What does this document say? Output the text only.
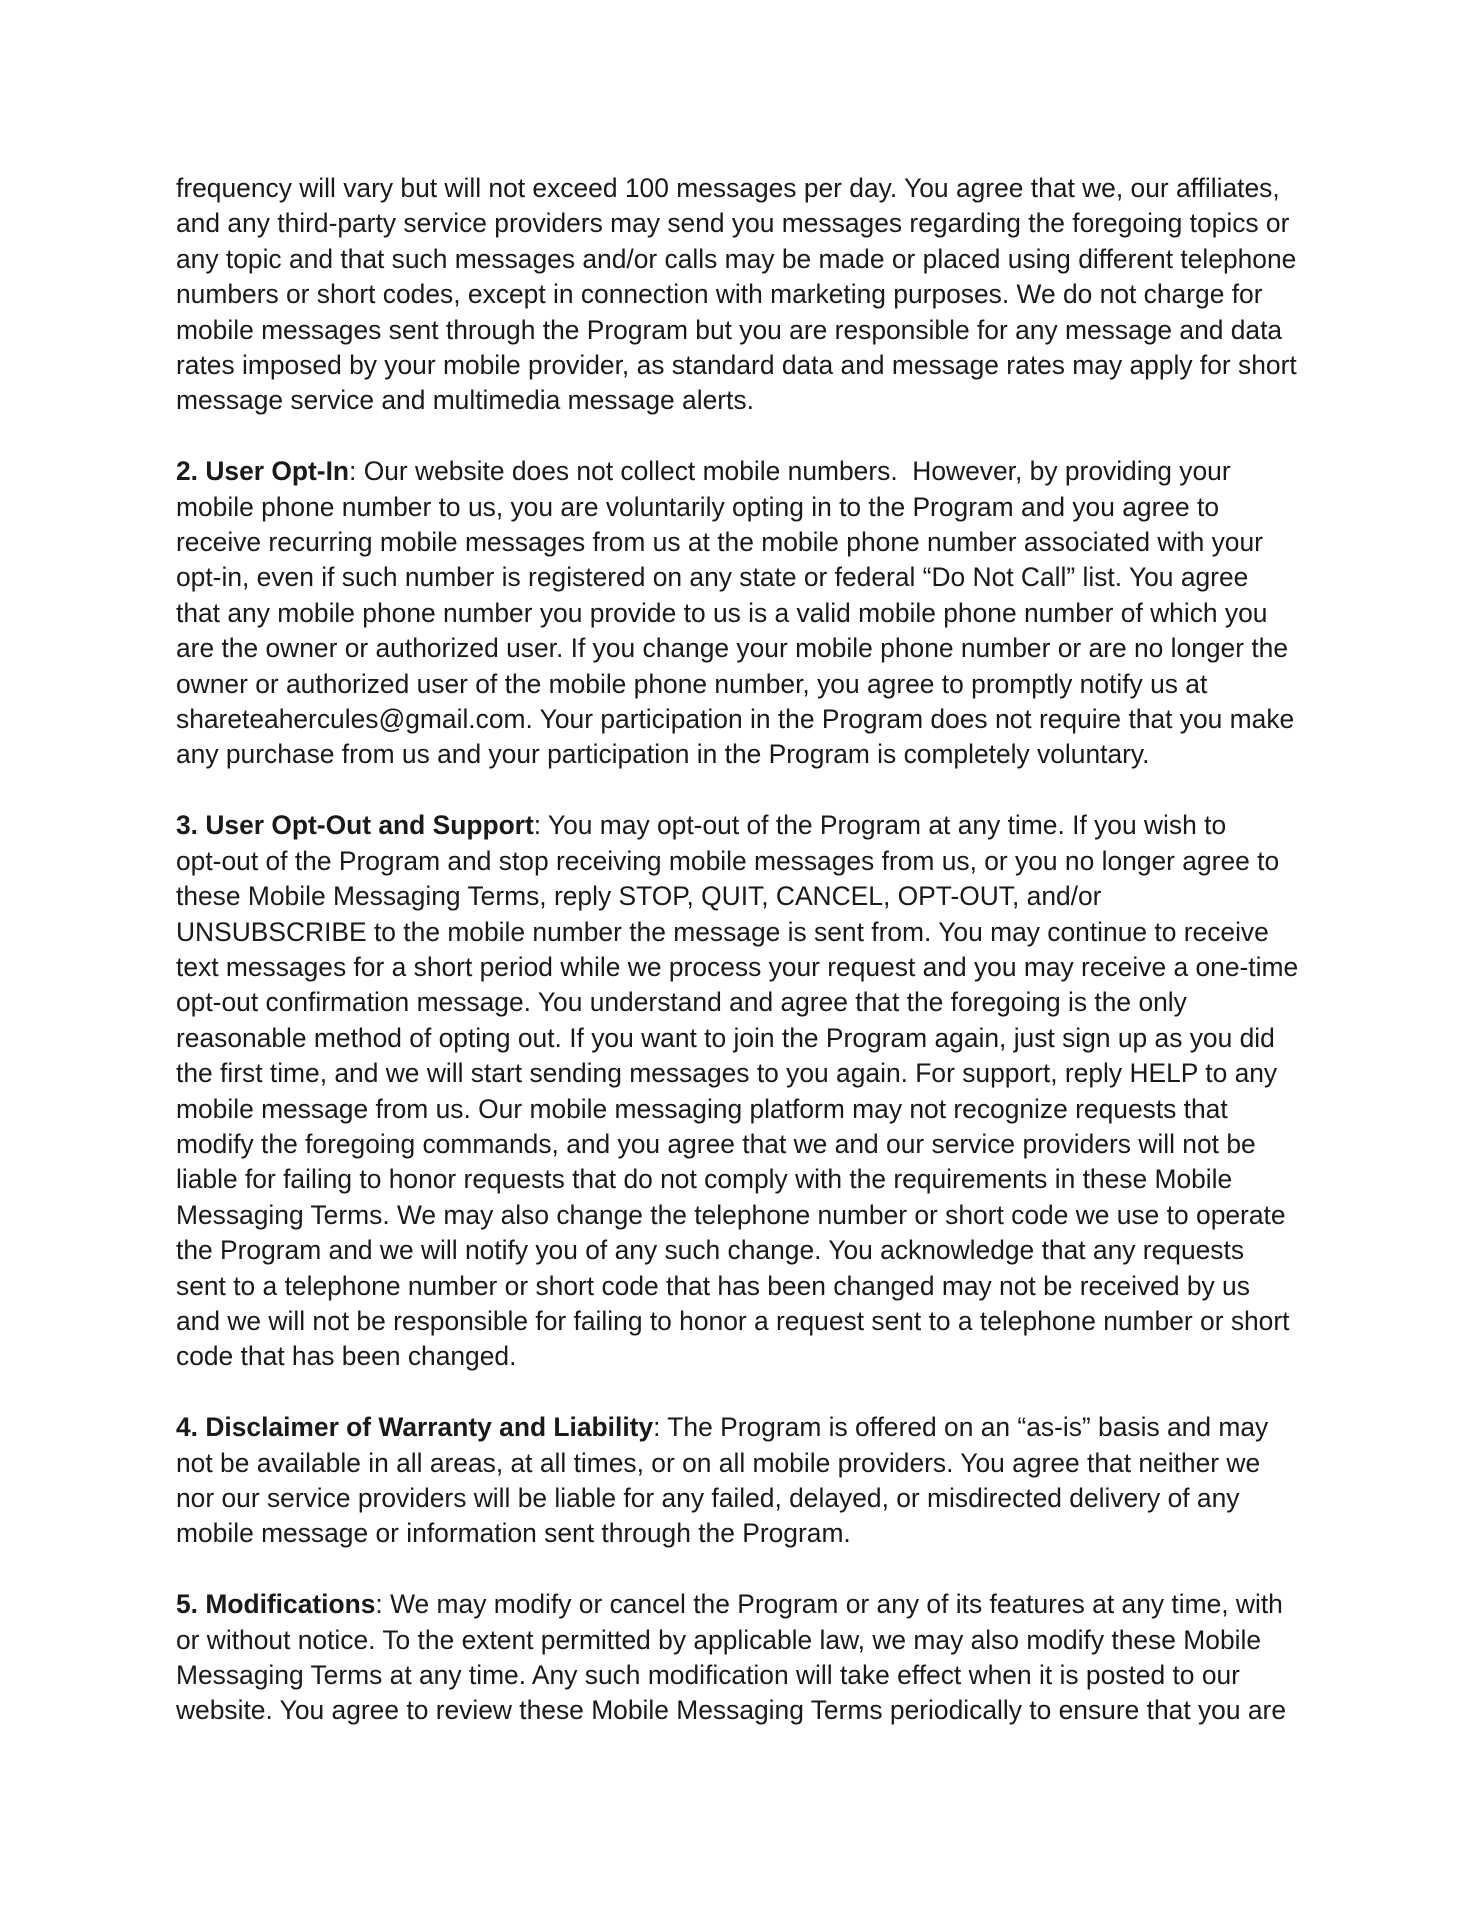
frequency will vary but will not exceed 100 messages per day. You agree that we, our affiliates,
and any third-party service providers may send you messages regarding the foregoing topics or
any topic and that such messages and/or calls may be made or placed using different telephone
numbers or short codes, except in connection with marketing purposes. We do not charge for
mobile messages sent through the Program but you are responsible for any message and data
rates imposed by your mobile provider, as standard data and message rates may apply for short
message service and multimedia message alerts.
2. User Opt-In: Our website does not collect mobile numbers.  However, by providing your
mobile phone number to us, you are voluntarily opting in to the Program and you agree to
receive recurring mobile messages from us at the mobile phone number associated with your
opt-in, even if such number is registered on any state or federal “Do Not Call” list. You agree
that any mobile phone number you provide to us is a valid mobile phone number of which you
are the owner or authorized user. If you change your mobile phone number or are no longer the
owner or authorized user of the mobile phone number, you agree to promptly notify us at
shareteahercules@gmail.com. Your participation in the Program does not require that you make
any purchase from us and your participation in the Program is completely voluntary.
3. User Opt-Out and Support: You may opt-out of the Program at any time. If you wish to
opt-out of the Program and stop receiving mobile messages from us, or you no longer agree to
these Mobile Messaging Terms, reply STOP, QUIT, CANCEL, OPT-OUT, and/or
UNSUBSCRIBE to the mobile number the message is sent from. You may continue to receive
text messages for a short period while we process your request and you may receive a one-time
opt-out confirmation message. You understand and agree that the foregoing is the only
reasonable method of opting out. If you want to join the Program again, just sign up as you did
the first time, and we will start sending messages to you again. For support, reply HELP to any
mobile message from us. Our mobile messaging platform may not recognize requests that
modify the foregoing commands, and you agree that we and our service providers will not be
liable for failing to honor requests that do not comply with the requirements in these Mobile
Messaging Terms. We may also change the telephone number or short code we use to operate
the Program and we will notify you of any such change. You acknowledge that any requests
sent to a telephone number or short code that has been changed may not be received by us
and we will not be responsible for failing to honor a request sent to a telephone number or short
code that has been changed.
4. Disclaimer of Warranty and Liability: The Program is offered on an “as-is” basis and may
not be available in all areas, at all times, or on all mobile providers. You agree that neither we
nor our service providers will be liable for any failed, delayed, or misdirected delivery of any
mobile message or information sent through the Program.
5. Modifications: We may modify or cancel the Program or any of its features at any time, with
or without notice. To the extent permitted by applicable law, we may also modify these Mobile
Messaging Terms at any time. Any such modification will take effect when it is posted to our
website. You agree to review these Mobile Messaging Terms periodically to ensure that you are
